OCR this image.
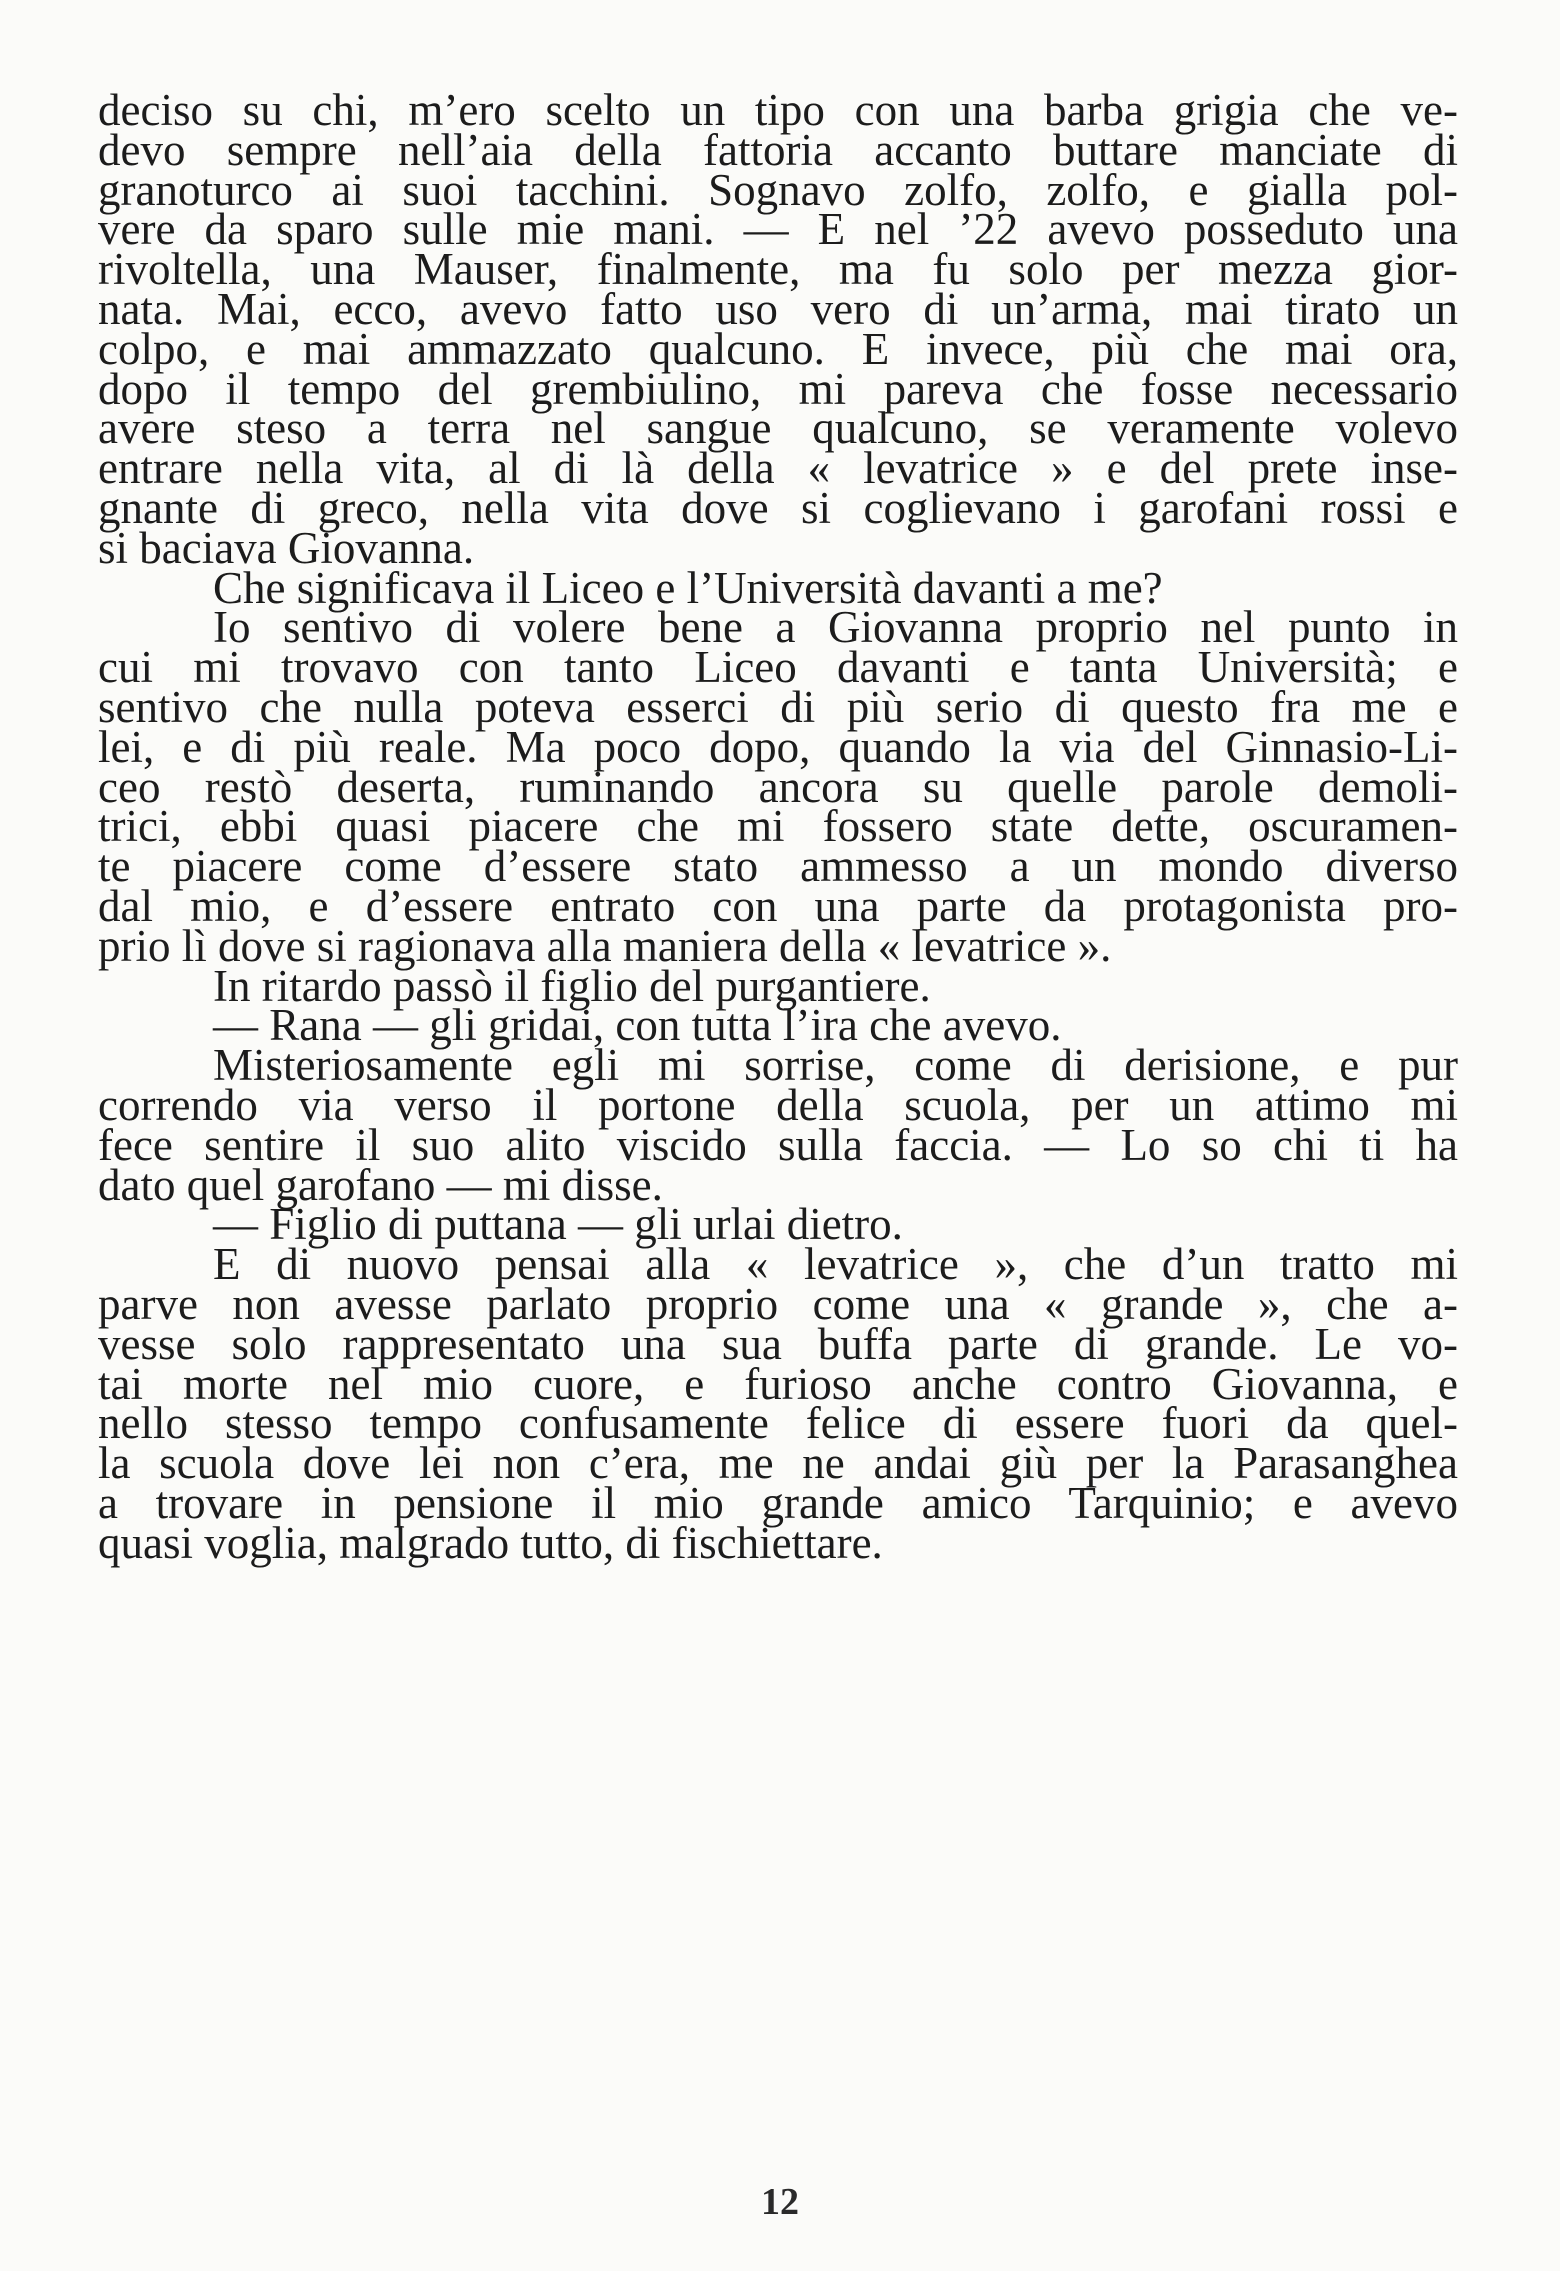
deciso su chi, m’ero scelto un tipo con una barba grigia che ve-
devo sempre nell’aia della fattoria accanto buttare manciate di
granoturco ai suoi tacchini. Sognavo zolfo, zolfo, e gialla pol-
vere da sparo sulle mie mani. — E nel ’22 avevo posseduto una
rivoltella, una Mauser, finalmente, ma fu solo per mezza gior-
nata. Mai, ecco, avevo fatto uso vero di un’arma, mai tirato un
colpo, e mai ammazzato qualcuno. E invece, più che mai ora,
dopo il tempo del grembiulino, mi pareva che fosse necessario
avere steso a terra nel sangue qualcuno, se veramente volevo
entrare nella vita, al di là della « levatrice » e del prete inse-
gnante di greco, nella vita dove si coglievano i garofani rossi e
si baciava Giovanna.
Che significava il Liceo e l’Università davanti a me?
Io sentivo di volere bene a Giovanna proprio nel punto in
cui mi trovavo con tanto Liceo davanti e tanta Università; e
sentivo che nulla poteva esserci di più serio di questo fra me e
lei, e di più reale. Ma poco dopo, quando la via del Ginnasio-Li-
ceo restò deserta, ruminando ancora su quelle parole demoli-
trici, ebbi quasi piacere che mi fossero state dette, oscuramen-
te piacere come d’essere stato ammesso a un mondo diverso
dal mio, e d’essere entrato con una parte da protagonista pro-
prio lì dove si ragionava alla maniera della « levatrice ».
In ritardo passò il figlio del purgantiere.
— Rana — gli gridai, con tutta l’ira che avevo.
Misteriosamente egli mi sorrise, come di derisione, e pur
correndo via verso il portone della scuola, per un attimo mi
fece sentire il suo alito viscido sulla faccia. — Lo so chi ti ha
dato quel garofano — mi disse.
— Figlio di puttana — gli urlai dietro.
E di nuovo pensai alla « levatrice », che d’un tratto mi
parve non avesse parlato proprio come una « grande », che a-
vesse solo rappresentato una sua buffa parte di grande. Le vo-
tai morte nel mio cuore, e furioso anche contro Giovanna, e
nello stesso tempo confusamente felice di essere fuori da quel-
la scuola dove lei non c’era, me ne andai giù per la Parasanghea
a trovare in pensione il mio grande amico Tarquinio; e avevo
quasi voglia, malgrado tutto, di fischiettare.
12
